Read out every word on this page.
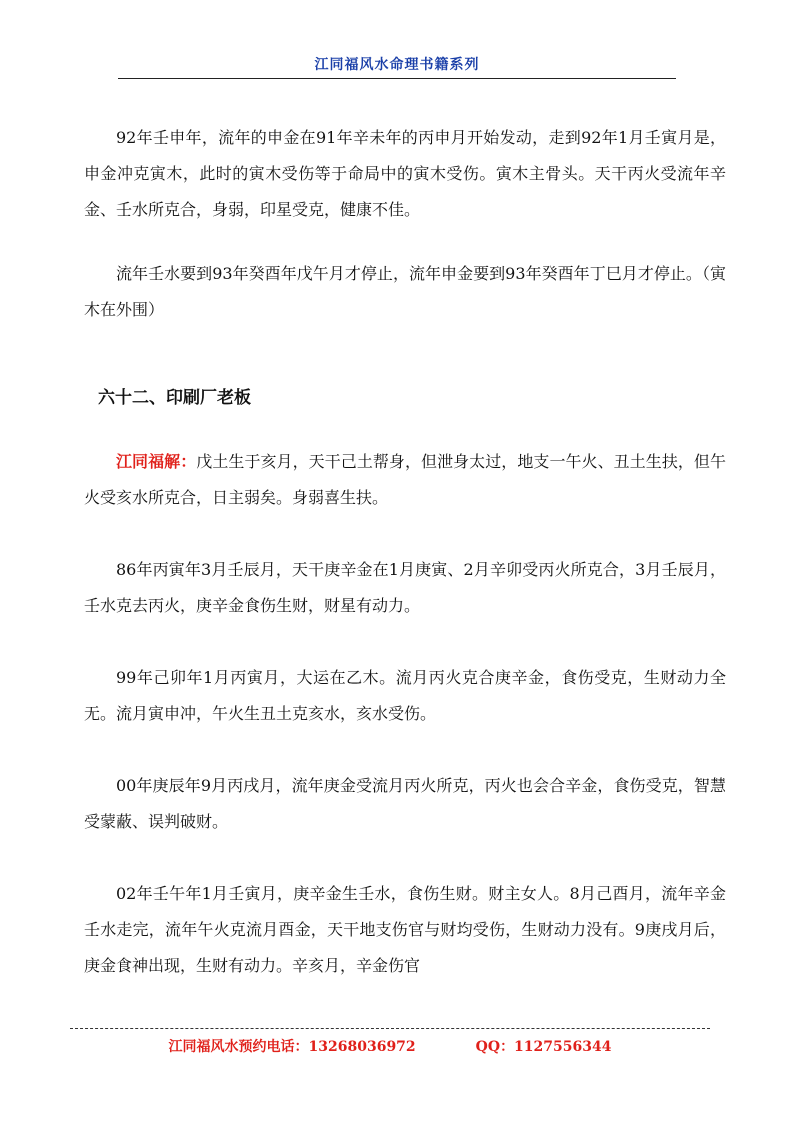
江同福风水命理书籍系列

92年壬申年，流年的申金在91年辛未年的丙申月开始发动，走到92年1月壬寅月是，申金冲克寅木，此时的寅木受伤等于命局中的寅木受伤。寅木主骨头。天干丙火受流年辛金、壬水所克合，身弱，印星受克，健康不佳。

流年壬水要到93年癸酉年戊午月才停止，流年申金要到93年癸酉年丁巳月才停止。（寅木在外围）

六十二、印刷厂老板

江同福解：戊土生于亥月，天干己土帮身，但泄身太过，地支一午火、丑土生扶，但午火受亥水所克合，日主弱矣。身弱喜生扶。

86年丙寅年3月壬辰月，天干庚辛金在1月庚寅、2月辛卯受丙火所克合，3月壬辰月，壬水克去丙火，庚辛金食伤生财，财星有动力。

99年己卯年1月丙寅月，大运在乙木。流月丙火克合庚辛金，食伤受克，生财动力全无。流月寅申冲，午火生丑土克亥水，亥水受伤。

00年庚辰年9月丙戌月，流年庚金受流月丙火所克，丙火也会合辛金，食伤受克，智慧受蒙蔽、误判破财。

02年壬午年1月壬寅月，庚辛金生壬水，食伤生财。财主女人。8月己酉月，流年辛金壬水走完，流年午火克流月酉金，天干地支伤官与财均受伤，生财动力没有。9庚戌月后，庚金食神出现，生财有动力。辛亥月，辛金伤官

江同福风水预约电话：13268036972	QQ：1127556344
